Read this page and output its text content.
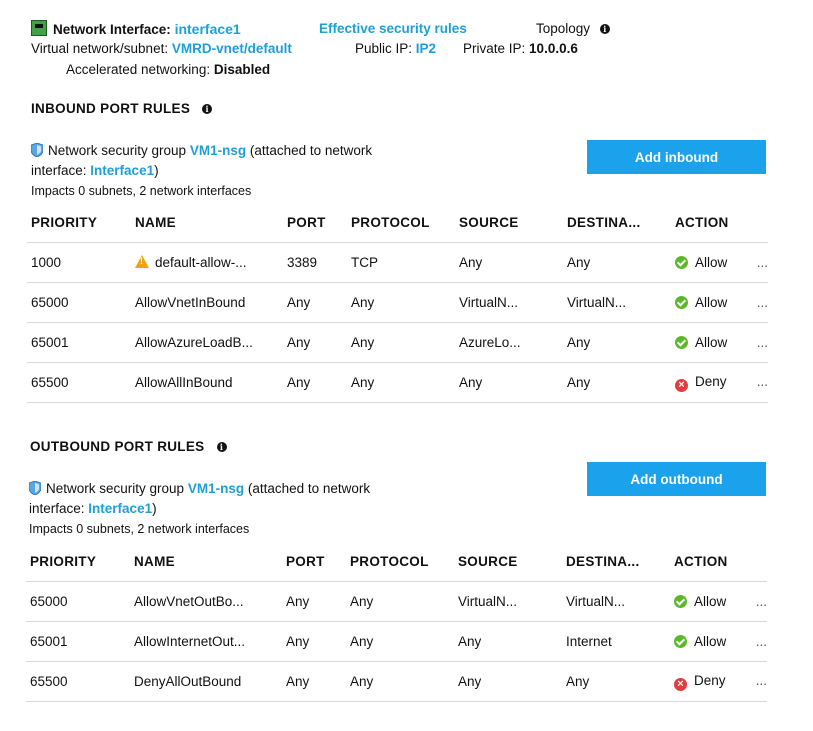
Network Interface: interface1	Effective security rules	Topology i
Virtual network/subnet: VMRD-vnet/default	Public IP: IP2 Private IP: 10.0.0.6
Accelerated networking: Disabled
INBOUND PORT RULES i
Network security group VM1-nsg (attached to network
interface: Interface1)
Impacts 0 subnets, 2 network interfaces
Add inbound
PRIORITY	NAME	PORT	PROTOCOL	SOURCE	DESTINA...	ACTION
1000	!default-allow-...	3389	TCP	Any	Any	Allow ...

65000	AllowVnetInBound	Any	Any	VirtualN...	VirtualN...	Allow ...

65001	AllowAzureLoadB...	Any	Any	AzureLo...	Any	Allow ...

65500	AllowAllInBound	Any	Any	Any	Any	× Deny ...
OUTBOUND PORT RULES i
Network security group VM1-nsg (attached to network
interface: Interface1)
Impacts 0 subnets, 2 network interfaces
Add outbound
PRIORITY	NAME	PORT	PROTOCOL	SOURCE	DESTINA...	ACTION
65000	AllowVnetOutBo...	Any	Any	VirtualN...	VirtualN...	Allow ...

65001	AllowInternetOut...	Any	Any	Any	Internet	Allow ...

65500	DenyAllOutBound	Any	Any	Any	Any	× Deny ...
